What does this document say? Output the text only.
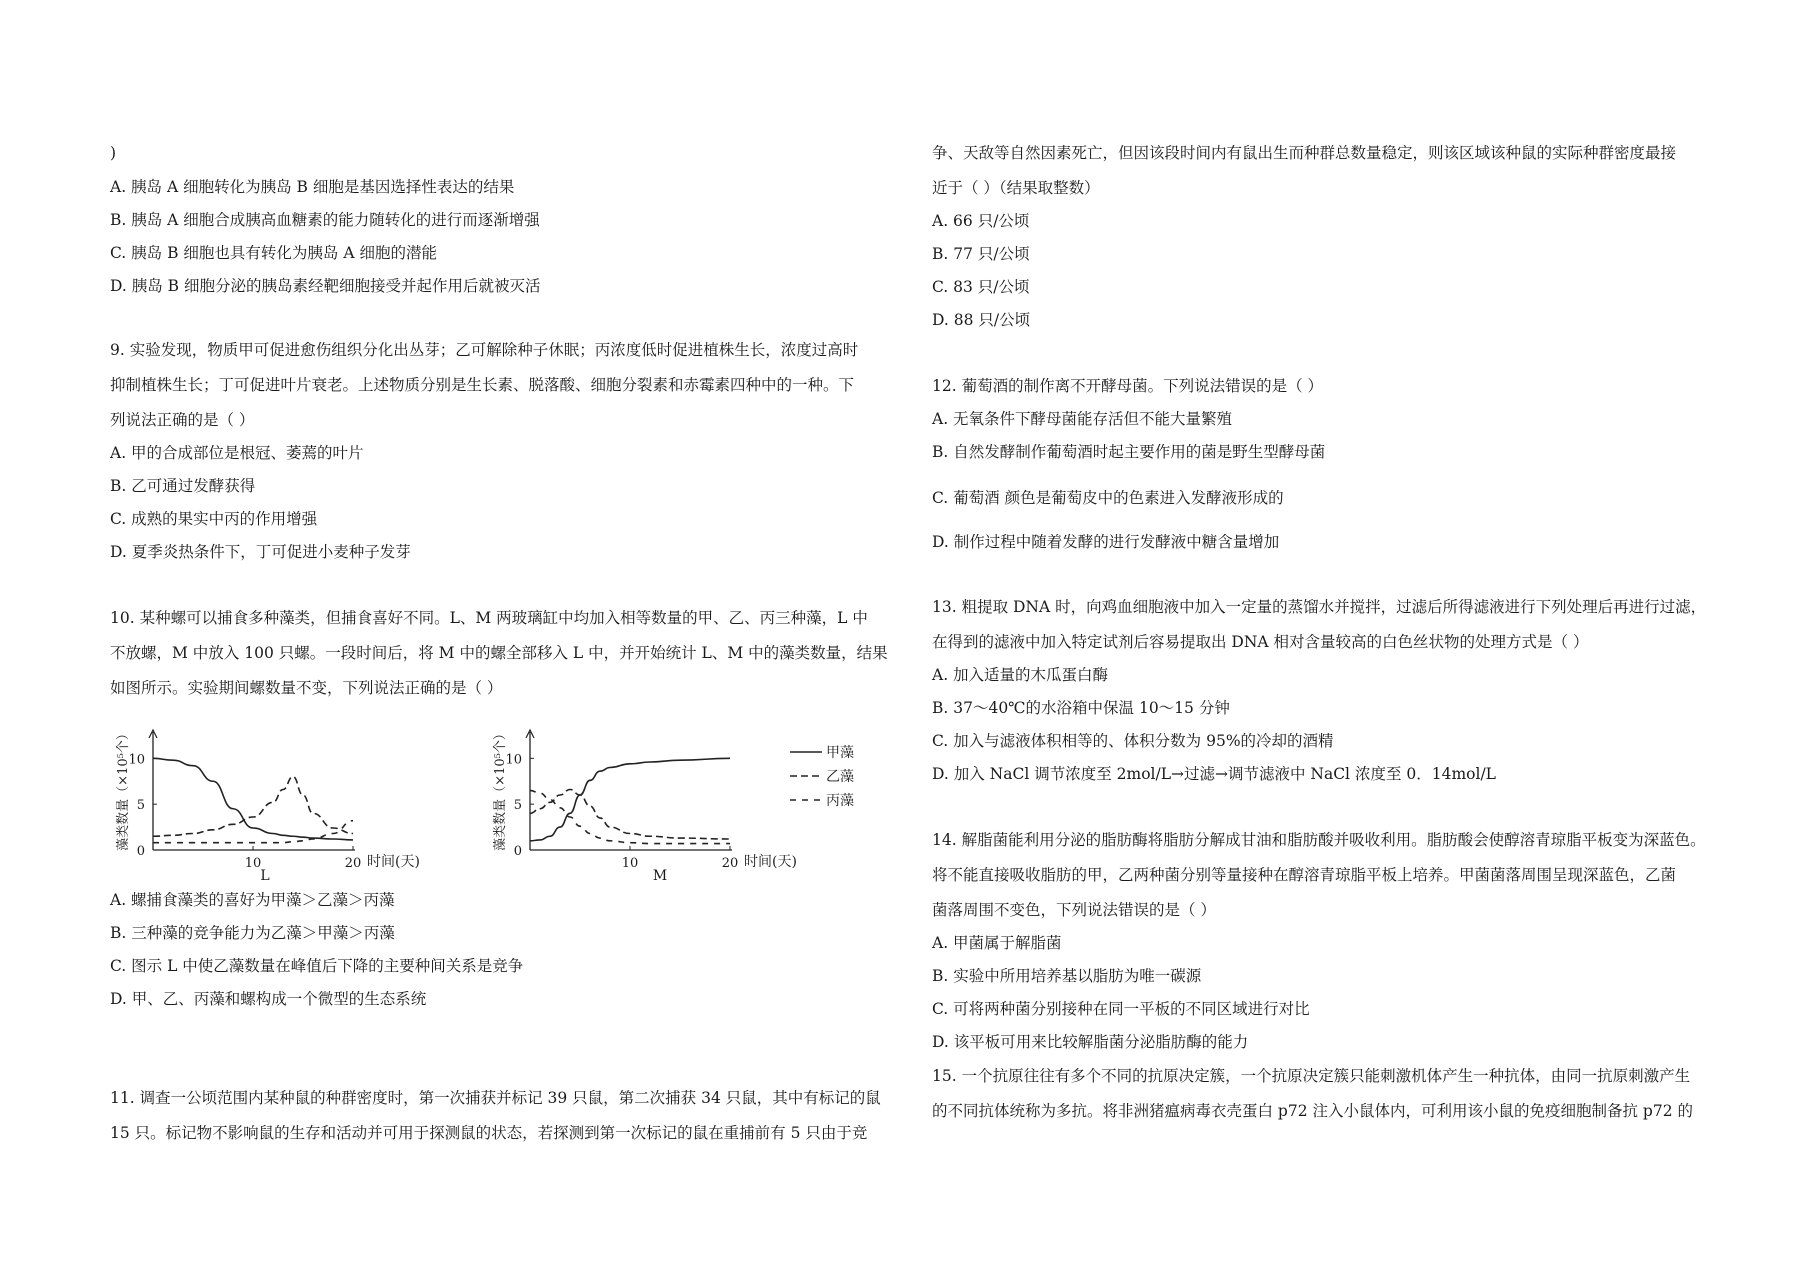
)
A. 胰岛 A 细胞转化为胰岛 B 细胞是基因选择性表达的结果
B. 胰岛 A 细胞合成胰高血糖素的能力随转化的进行而逐渐增强
C. 胰岛 B 细胞也具有转化为胰岛 A 细胞的潜能
D. 胰岛 B 细胞分泌的胰岛素经靶细胞接受并起作用后就被灭活
9. 实验发现，物质甲可促进愈伤组织分化出丛芽；乙可解除种子休眠；丙浓度低时促进植株生长，浓度过高时
抑制植株生长；丁可促进叶片衰老。上述物质分别是生长素、脱落酸、细胞分裂素和赤霉素四种中的一种。下
列说法正确的是（ ）
A. 甲的合成部位是根冠、萎蔫的叶片
B. 乙可通过发酵获得
C. 成熟的果实中丙的作用增强
D. 夏季炎热条件下，丁可促进小麦种子发芽
10. 某种螺可以捕食多种藻类，但捕食喜好不同。L、M 两玻璃缸中均加入相等数量的甲、乙、丙三种藻，L 中
不放螺，M 中放入 100 只螺。一段时间后，将 M 中的螺全部移入 L 中，并开始统计 L、M 中的藻类数量，结果
如图所示。实验期间螺数量不变，下列说法正确的是（ ）
0
5
10
10	20
藻类数量（×10⁵个）
时间(天)
L
0
5
10
10	20
藻类数量（×10⁵个）
时间(天)
M
甲藻
乙藻
丙藻
A. 螺捕食藻类的喜好为甲藻＞乙藻＞丙藻
B. 三种藻的竞争能力为乙藻＞甲藻＞丙藻
C. 图示 L 中使乙藻数量在峰值后下降的主要种间关系是竞争
D. 甲、乙、丙藻和螺构成一个微型的生态系统
11. 调查一公顷范围内某种鼠的种群密度时，第一次捕获并标记 39 只鼠，第二次捕获 34 只鼠，其中有标记的鼠
15 只。标记物不影响鼠的生存和活动并可用于探测鼠的状态，若探测到第一次标记的鼠在重捕前有 5 只由于竞
争、天敌等自然因素死亡，但因该段时间内有鼠出生而种群总数量稳定，则该区域该种鼠的实际种群密度最接
近于（ ）（结果取整数）
A. 66 只/公顷
B. 77 只/公顷
C. 83 只/公顷
D. 88 只/公顷
12. 葡萄酒的制作离不开酵母菌。下列说法错误的是（ ）
A. 无氧条件下酵母菌能存活但不能大量繁殖
B. 自然发酵制作葡萄酒时起主要作用的菌是野生型酵母菌
C. 葡萄酒 颜色是葡萄皮中的色素进入发酵液形成的
D. 制作过程中随着发酵的进行发酵液中糖含量增加
13. 粗提取 DNA 时，向鸡血细胞液中加入一定量的蒸馏水并搅拌，过滤后所得滤液进行下列处理后再进行过滤，
在得到的滤液中加入特定试剂后容易提取出 DNA 相对含量较高的白色丝状物的处理方式是（ ）
A. 加入适量的木瓜蛋白酶
B. 37～40℃的水浴箱中保温 10～15 分钟
C. 加入与滤液体积相等的、体积分数为 95%的冷却的酒精
D. 加入 NaCl 调节浓度至 2mol/L→过滤→调节滤液中 NaCl 浓度至 0．14mol/L
14. 解脂菌能利用分泌的脂肪酶将脂肪分解成甘油和脂肪酸并吸收利用。脂肪酸会使醇溶青琼脂平板变为深蓝色。
将不能直接吸收脂肪的甲，乙两种菌分别等量接种在醇溶青琼脂平板上培养。甲菌菌落周围呈现深蓝色，乙菌
菌落周围不变色，下列说法错误的是（ ）
A. 甲菌属于解脂菌
B. 实验中所用培养基以脂肪为唯一碳源
C. 可将两种菌分别接种在同一平板的不同区域进行对比
D. 该平板可用来比较解脂菌分泌脂肪酶的能力
15. 一个抗原往往有多个不同的抗原决定簇，一个抗原决定簇只能刺激机体产生一种抗体，由同一抗原刺激产生
的不同抗体统称为多抗。将非洲猪瘟病毒衣壳蛋白 p72 注入小鼠体内，可利用该小鼠的免疫细胞制备抗 p72 的
